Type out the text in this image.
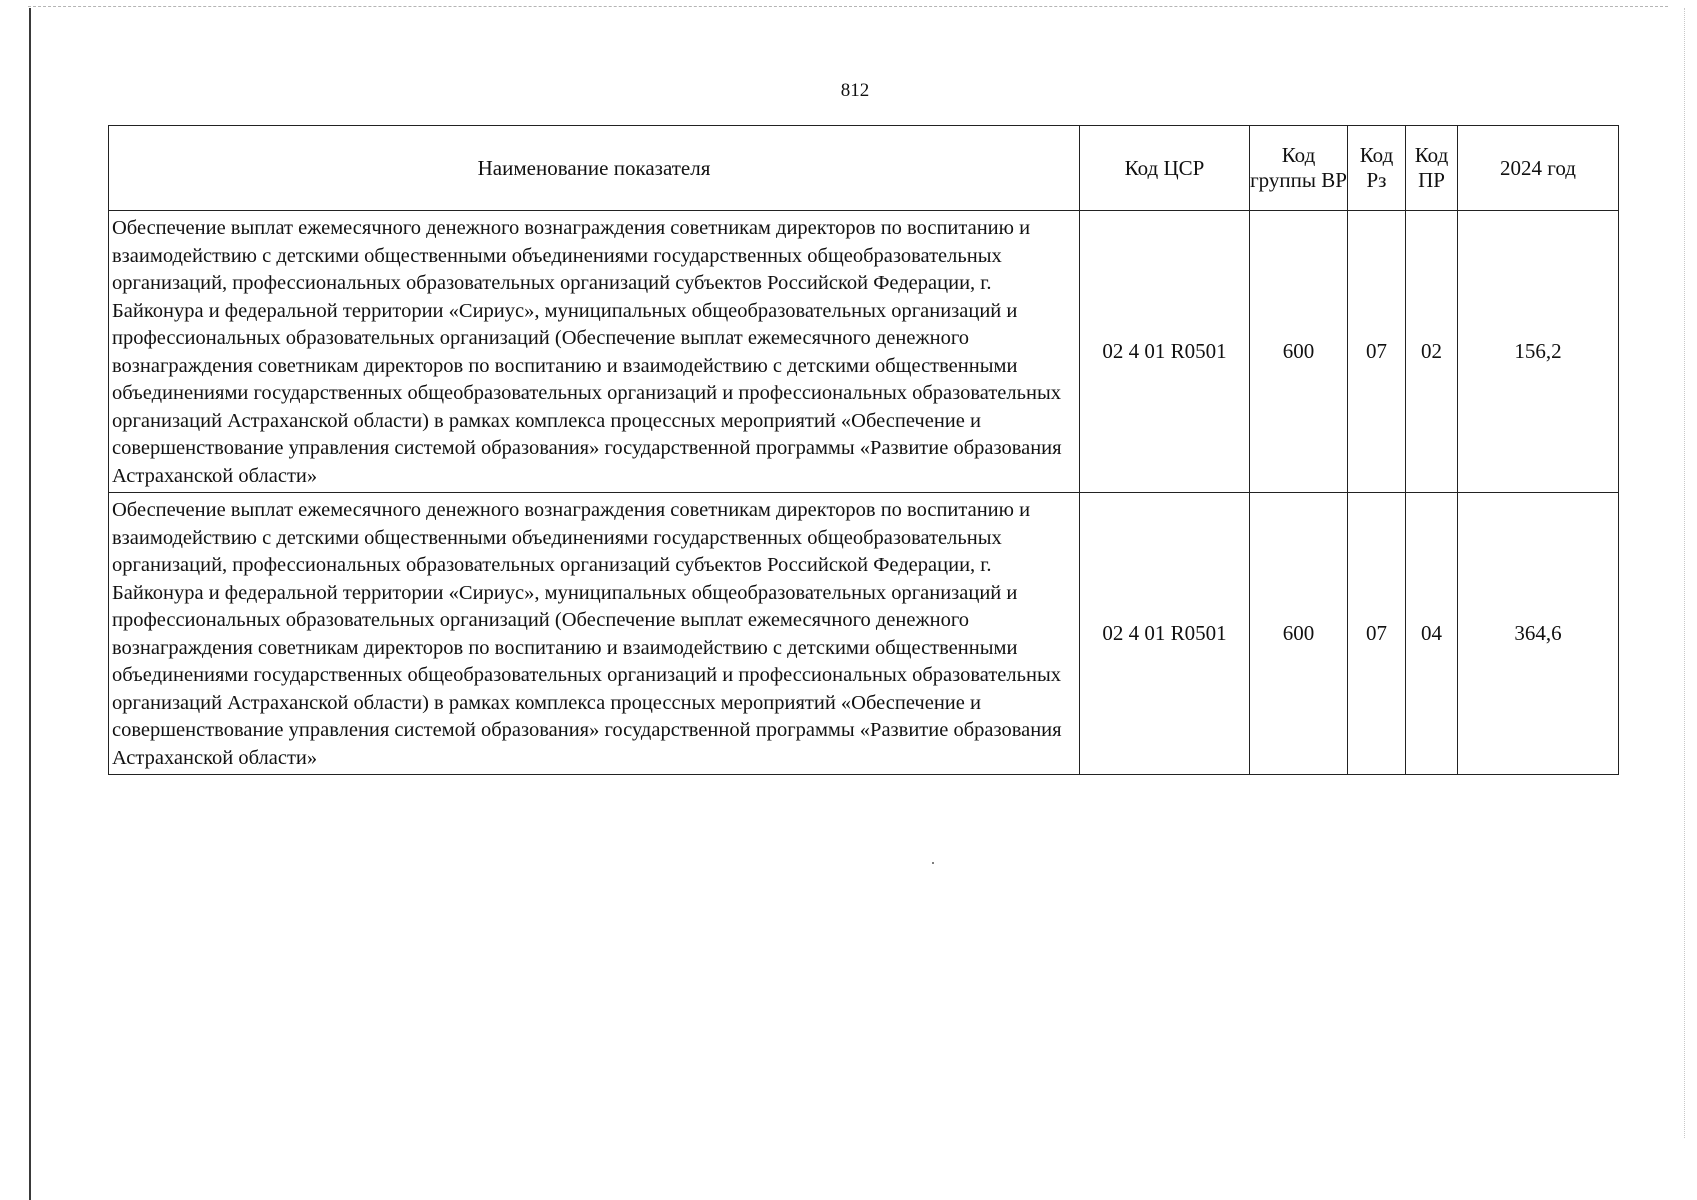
812
Наименование показателя	Код ЦСР	Код группы ВР	Код Рз	Код ПР	2024 год
Обеспечение выплат ежемесячного денежного вознаграждения советникам директоров по воспитанию и взаимодействию с детскими общественными объединениями государственных общеобразовательных организаций, профессиональных образовательных организаций субъектов Российской Федерации, г. Байконура и федеральной территории «Сириус», муниципальных общеобразовательных организаций и профессиональных образовательных организаций (Обеспечение выплат ежемесячного денежного вознаграждения советникам директоров по воспитанию и взаимодействию с детскими общественными объединениями государственных общеобразовательных организаций и профессиональных образовательных организаций Астраханской области) в рамках комплекса процессных мероприятий «Обеспечение и совершенствование управления системой образования» государственной программы «Развитие образования Астраханской области»	02 4 01 R0501	600	07	02	156,2
Обеспечение выплат ежемесячного денежного вознаграждения советникам директоров по воспитанию и взаимодействию с детскими общественными объединениями государственных общеобразовательных организаций, профессиональных образовательных организаций субъектов Российской Федерации, г. Байконура и федеральной территории «Сириус», муниципальных общеобразовательных организаций и профессиональных образовательных организаций (Обеспечение выплат ежемесячного денежного вознаграждения советникам директоров по воспитанию и взаимодействию с детскими общественными объединениями государственных общеобразовательных организаций и профессиональных образовательных организаций Астраханской области) в рамках комплекса процессных мероприятий «Обеспечение и совершенствование управления системой образования» государственной программы «Развитие образования Астраханской области»	02 4 01 R0501	600	07	04	364,6
